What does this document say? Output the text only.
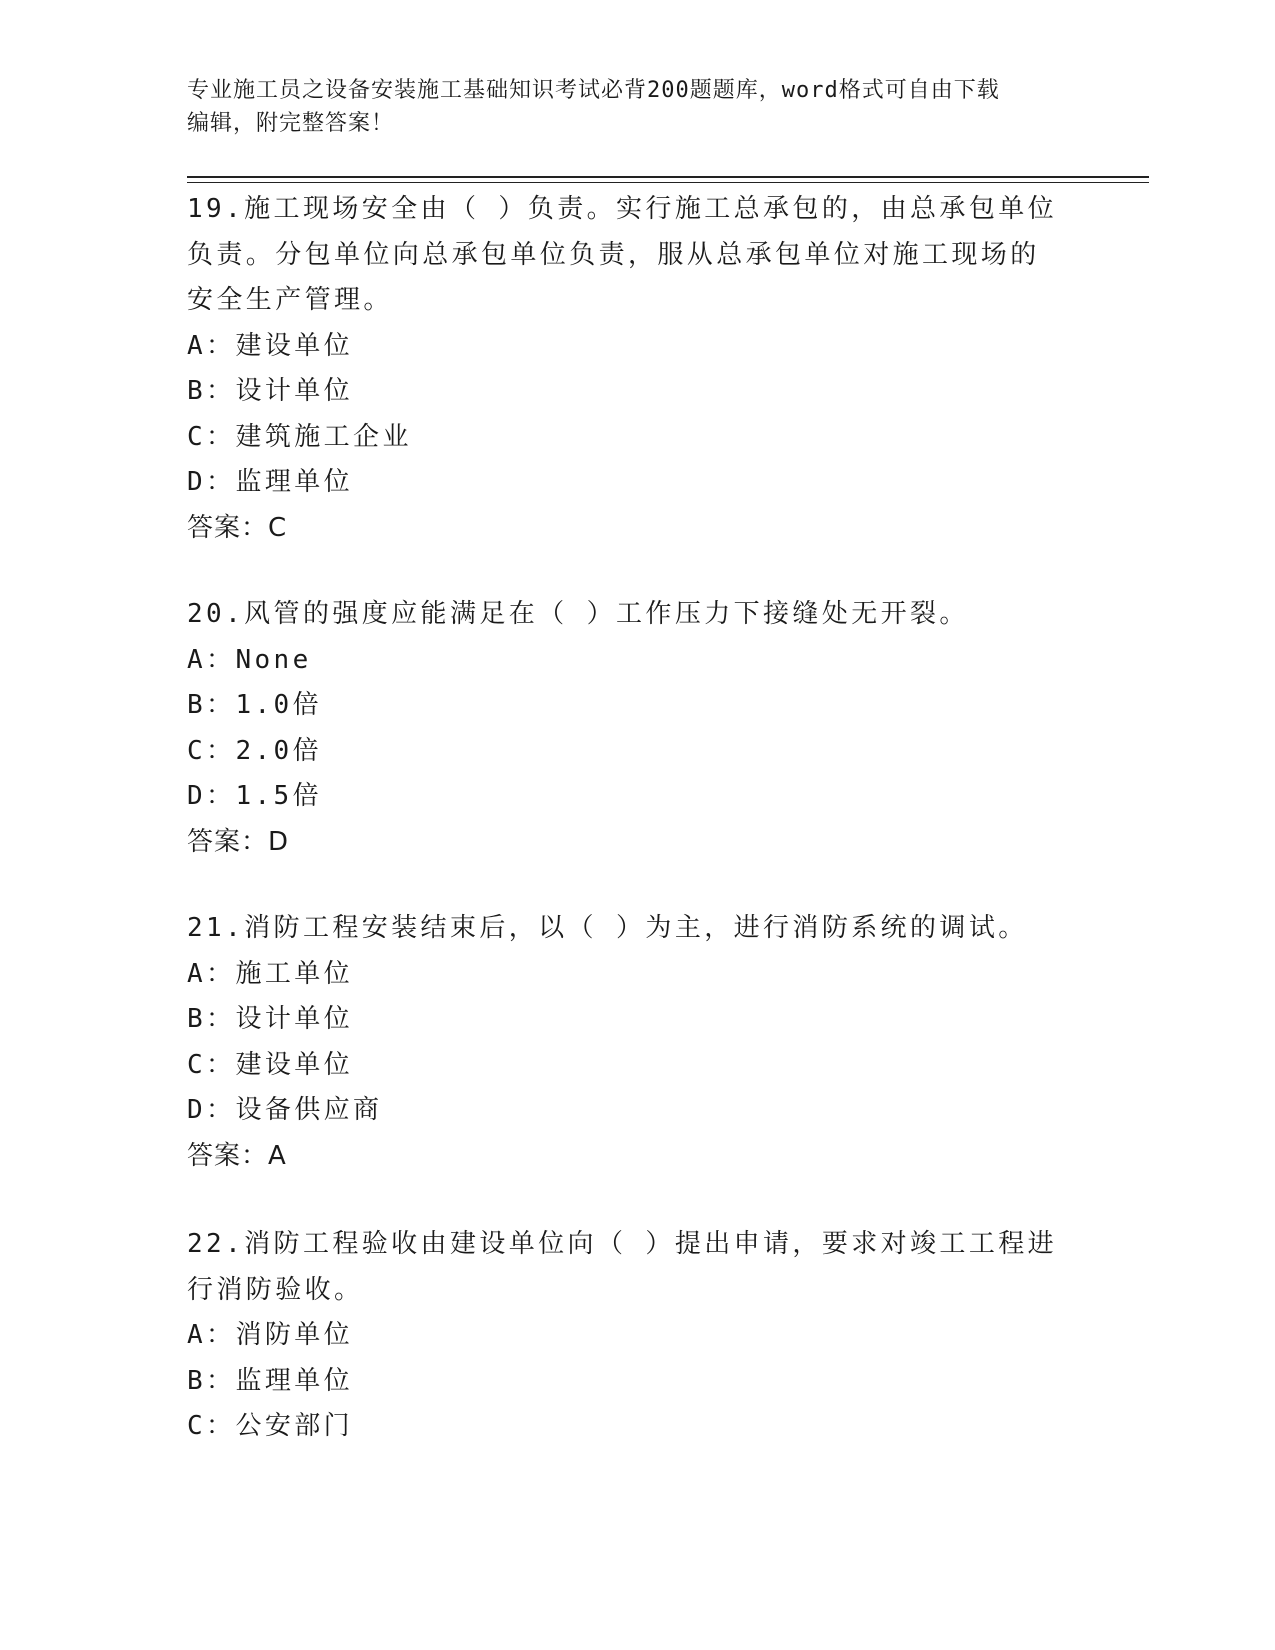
专业施工员之设备安装施工基础知识考试必背200题题库，word格式可自由下载
编辑，附完整答案！
19.施工现场安全由（ ）负责。实行施工总承包的，由总承包单位负责。分包单位向总承包单位负责，服从总承包单位对施工现场的安全生产管理。
A：建设单位
B：设计单位
C：建筑施工企业
D：监理单位
答案：C
20.风管的强度应能满足在（ ）工作压力下接缝处无开裂。
A：None
B：1.0倍
C：2.0倍
D：1.5倍
答案：D
21.消防工程安装结束后，以（ ）为主，进行消防系统的调试。
A：施工单位
B：设计单位
C：建设单位
D：设备供应商
答案：A
22.消防工程验收由建设单位向（ ）提出申请，要求对竣工工程进行消防验收。
A：消防单位
B：监理单位
C：公安部门
